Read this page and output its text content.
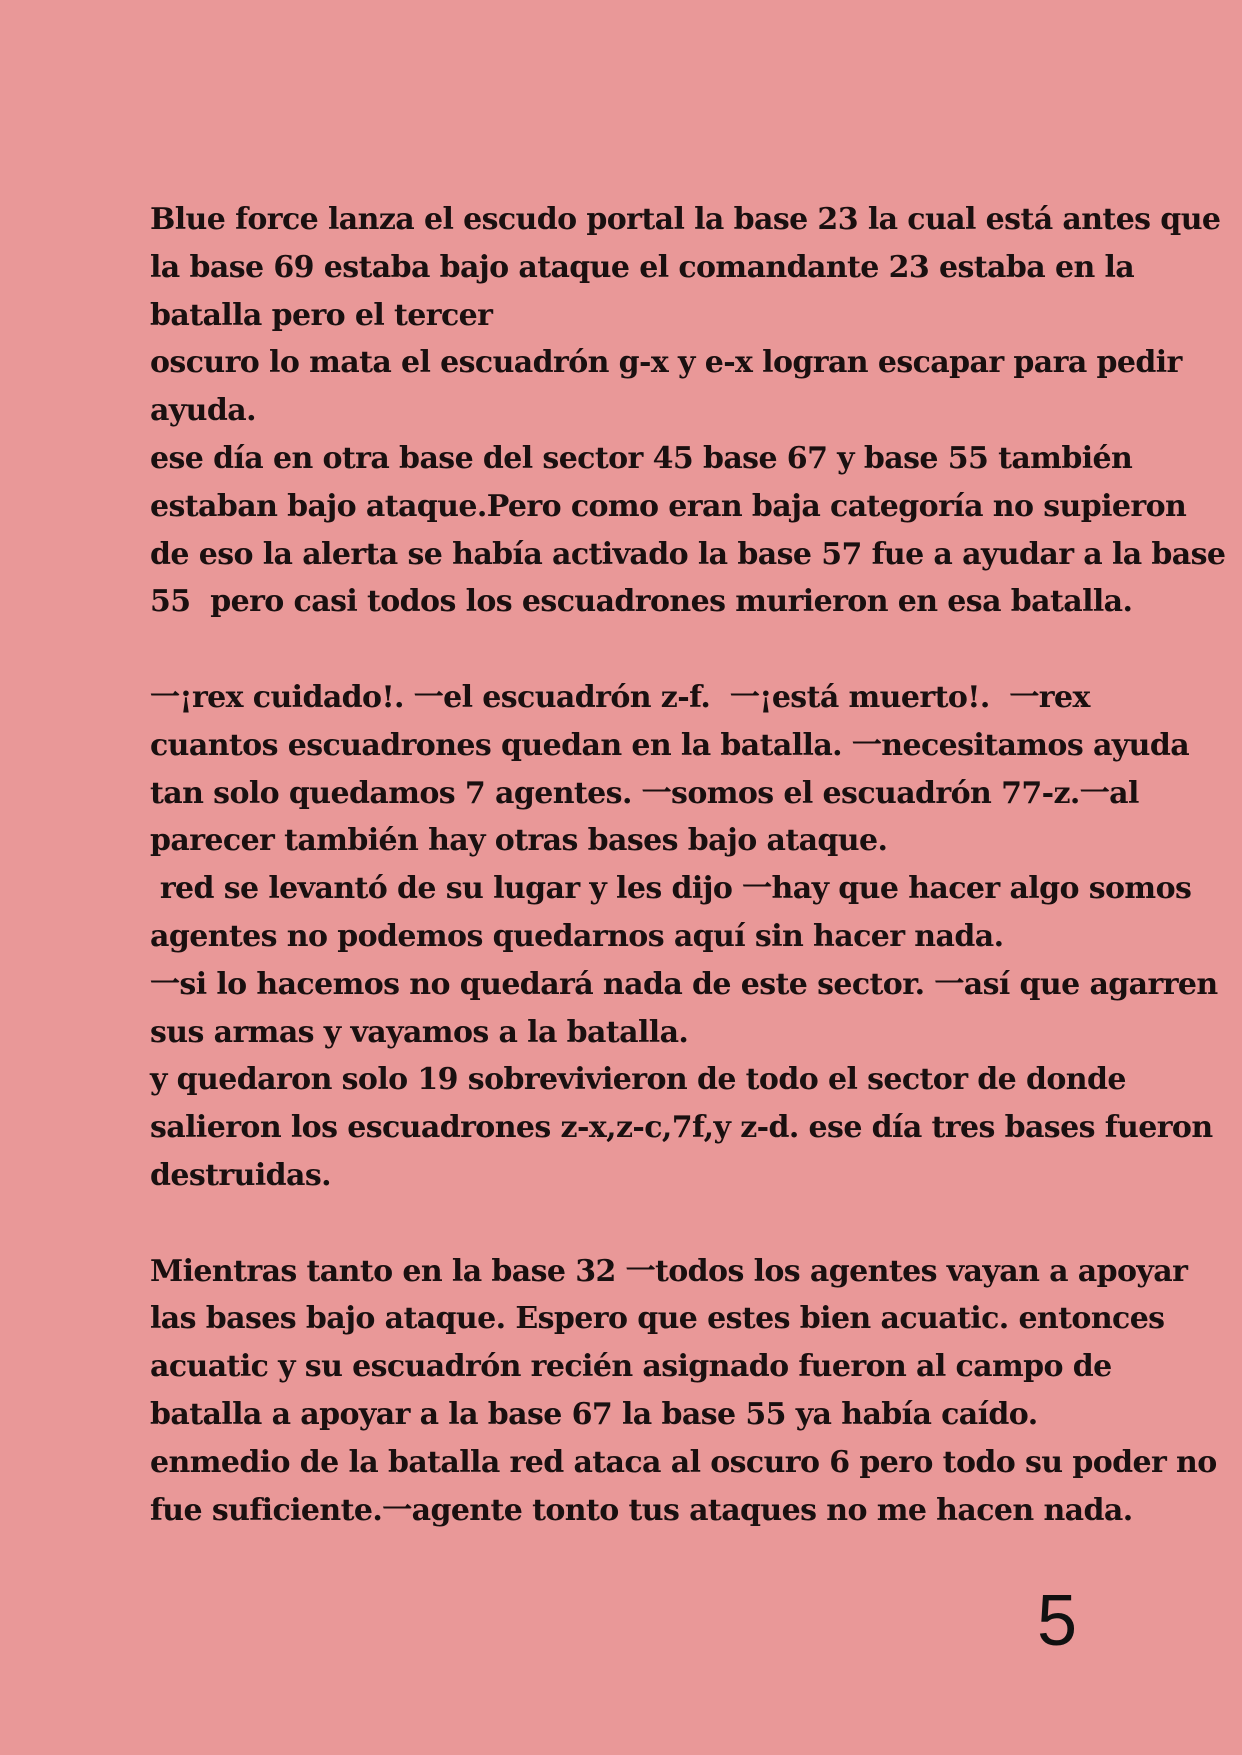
Blue force lanza el escudo portal la base 23 la cual está antes que
la base 69 estaba bajo ataque el comandante 23 estaba en la
batalla pero el tercer
oscuro lo mata el escuadrón g-x y e-x logran escapar para pedir
ayuda.
ese día en otra base del sector 45 base 67 y base 55 también
estaban bajo ataque.Pero como eran baja categoría no supieron
de eso la alerta se había activado la base 57 fue a ayudar a la base
55  pero casi todos los escuadrones murieron en esa batalla.
一¡rex cuidado!. 一el escuadrón z-f.  一¡está muerto!.  一rex
cuantos escuadrones quedan en la batalla. 一necesitamos ayuda
tan solo quedamos 7 agentes. 一somos el escuadrón 77-z.一al
parecer también hay otras bases bajo ataque.
red se levantó de su lugar y les dijo 一hay que hacer algo somos
agentes no podemos quedarnos aquí sin hacer nada.
一si lo hacemos no quedará nada de este sector. 一así que agarren
sus armas y vayamos a la batalla.
y quedaron solo 19 sobrevivieron de todo el sector de donde
salieron los escuadrones z-x,z-c,7f,y z-d. ese día tres bases fueron
destruidas.
Mientras tanto en la base 32 一todos los agentes vayan a apoyar
las bases bajo ataque. Espero que estes bien acuatic. entonces
acuatic y su escuadrón recién asignado fueron al campo de
batalla a apoyar a la base 67 la base 55 ya había caído.
enmedio de la batalla red ataca al oscuro 6 pero todo su poder no
fue suficiente.一agente tonto tus ataques no me hacen nada.
5
